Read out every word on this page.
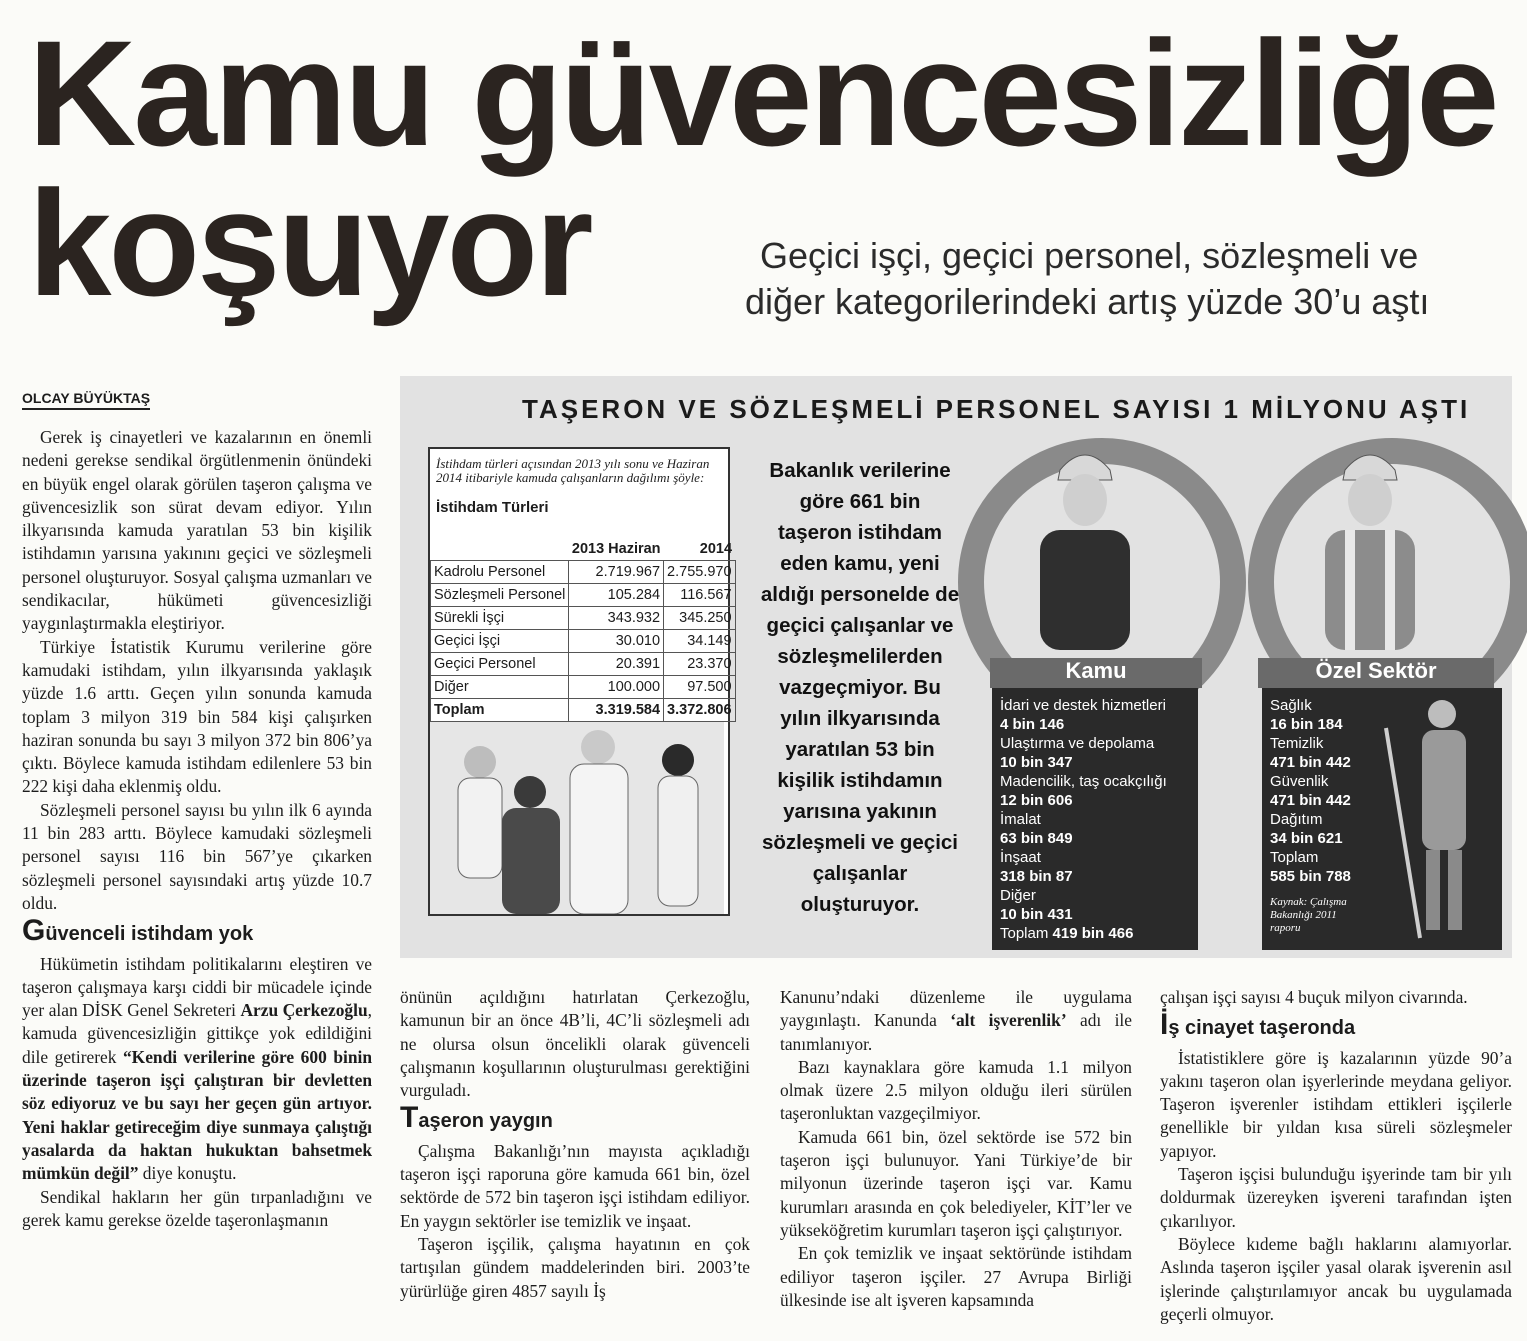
Kamu güvencesizliğe
koşuyor	Geçici işçi, geçici personel, sözleşmeli ve
diğer kategorilerindeki artış yüzde 30’u aştı
OLCAY BÜYÜKTAŞ

Gerek iş cinayetleri ve kazalarının en önemli nedeni gerekse sendikal örgütlenmenin önündeki en büyük engel olarak görülen taşeron çalışma ve güvencesizlik son sürat devam ediyor. Yılın ilkyarısında kamuda yaratılan 53 bin kişilik istihdamın yarısına yakınını geçici ve sözleşmeli personel oluşturuyor. Sosyal çalışma uzmanları ve sendikacılar, hükümeti güvencesizliği yaygınlaştırmakla eleştiriyor.

Türkiye İstatistik Kurumu verilerine göre kamudaki istihdam, yılın ilkyarısında yaklaşık yüzde 1.6 arttı. Geçen yılın sonunda kamuda toplam 3 milyon 319 bin 584 kişi çalışırken haziran sonunda bu sayı 3 milyon 372 bin 806’ya çıktı. Böylece kamuda istihdam edilenlere 53 bin 222 kişi daha eklenmiş oldu.

Sözleşmeli personel sayısı bu yılın ilk 6 ayında 11 bin 283 arttı. Böylece kamudaki sözleşmeli personel sayısı 116 bin 567’ye çıkarken sözleşmeli personel sayısındaki artış yüzde 10.7 oldu.

Güvenceli istihdam yok

Hükümetin istihdam politikalarını eleştiren ve taşeron çalışmaya karşı ciddi bir mücadele içinde yer alan DİSK Genel Sekreteri Arzu Çerkezoğlu, kamuda güvencesizliğin gittikçe yok edildiğini dile getirerek “Kendi verilerine göre 600 binin üzerinde taşeron işçi çalıştıran bir devletten söz ediyoruz ve bu sayı her geçen gün artıyor. Yeni haklar getireceğim diye sunmaya çalıştığı yasalarda da haktan hukuktan bahsetmek mümkün değil” diye konuştu.

Sendikal hakların her gün tırpanladığını ve gerek kamu gerekse özelde taşeronlaşmanın

TAŞERON VE SÖZLEŞMELİ PERSONEL SAYISI 1 MİLYONU AŞTI
İstihdam türleri açısından 2013 yılı sonu ve Haziran 2014 itibariyle kamuda çalışanların dağılımı şöyle:
İstihdam Türleri
	2013 Haziran	2014
Kadrolu Personel	2.719.967	2.755.970
Sözleşmeli Personel	105.284	116.567
Sürekli İşçi	343.932	345.250
Geçici İşçi	30.010	34.149
Geçici Personel	20.391	23.370
Diğer	100.000	97.500
Toplam	3.319.584	3.372.806
Bakanlık verilerine göre 661 bin taşeron istihdam eden kamu, yeni aldığı personelde de geçici çalışanlar ve sözleşmelilerden vazgeçmiyor. Bu yılın ilkyarısında yaratılan 53 bin kişilik istihdamın yarısına yakının sözleşmeli ve geçici çalışanlar oluşturuyor.
Kamu
İdari ve destek hizmetleri
4 bin 146
Ulaştırma ve depolama
10 bin 347
Madencilik, taş ocakçılığı
12 bin 606
İmalat
63 bin 849
İnşaat
318 bin 87
Diğer
10 bin 431
Toplam 419 bin 466
Özel Sektör
Sağlık
16 bin 184
Temizlik
471 bin 442
Güvenlik
471 bin 442
Dağıtım
34 bin 621
Toplam
585 bin 788
Kaynak: Çalışma Bakanlığı 2011 raporu

önünün açıldığını hatırlatan Çerkezoğlu, kamunun bir an önce 4B’li, 4C’li sözleşmeli adı ne olursa olsun öncelikli olarak güvenceli çalışmanın koşullarının oluşturulması gerektiğini vurguladı.

Taşeron yaygın

Çalışma Bakanlığı’nın mayısta açıkladığı taşeron işçi raporuna göre kamuda 661 bin, özel sektörde de 572 bin taşeron işçi istihdam ediliyor. En yaygın sektörler ise temizlik ve inşaat.

Taşeron işçilik, çalışma hayatının en çok tartışılan gündem maddelerinden biri. 2003’te yürürlüğe giren 4857 sayılı İş

Kanunu’ndaki düzenleme ile uygulama yaygınlaştı. Kanunda ‘alt işverenlik’ adı ile tanımlanıyor.

Bazı kaynaklara göre kamuda 1.1 milyon olmak üzere 2.5 milyon olduğu ileri sürülen taşeronluktan vazgeçilmiyor.

Kamuda 661 bin, özel sektörde ise 572 bin taşeron işçi bulunuyor. Yani Türkiye’de bir milyonun üzerinde taşeron işçi var. Kamu kurumları arasında en çok belediyeler, KİT’ler ve yükseköğretim kurumları taşeron işçi çalıştırıyor.

En çok temizlik ve inşaat sektöründe istihdam ediliyor taşeron işçiler. 27 Avrupa Birliği ülkesinde ise alt işveren kapsamında

çalışan işçi sayısı 4 buçuk milyon civarında.

İş cinayet taşeronda

İstatistiklere göre iş kazalarının yüzde 90’a yakını taşeron olan işyerlerinde meydana geliyor. Taşeron işverenler istihdam ettikleri işçilerle genellikle bir yıldan kısa süreli sözleşmeler yapıyor.

Taşeron işçisi bulunduğu işyerinde tam bir yılı doldurmak üzereyken işvereni tarafından işten çıkarılıyor.

Böylece kıdeme bağlı haklarını alamıyorlar. Aslında taşeron işçiler yasal olarak işverenin asıl işlerinde çalıştırılamıyor ancak bu uygulamada geçerli olmuyor.
